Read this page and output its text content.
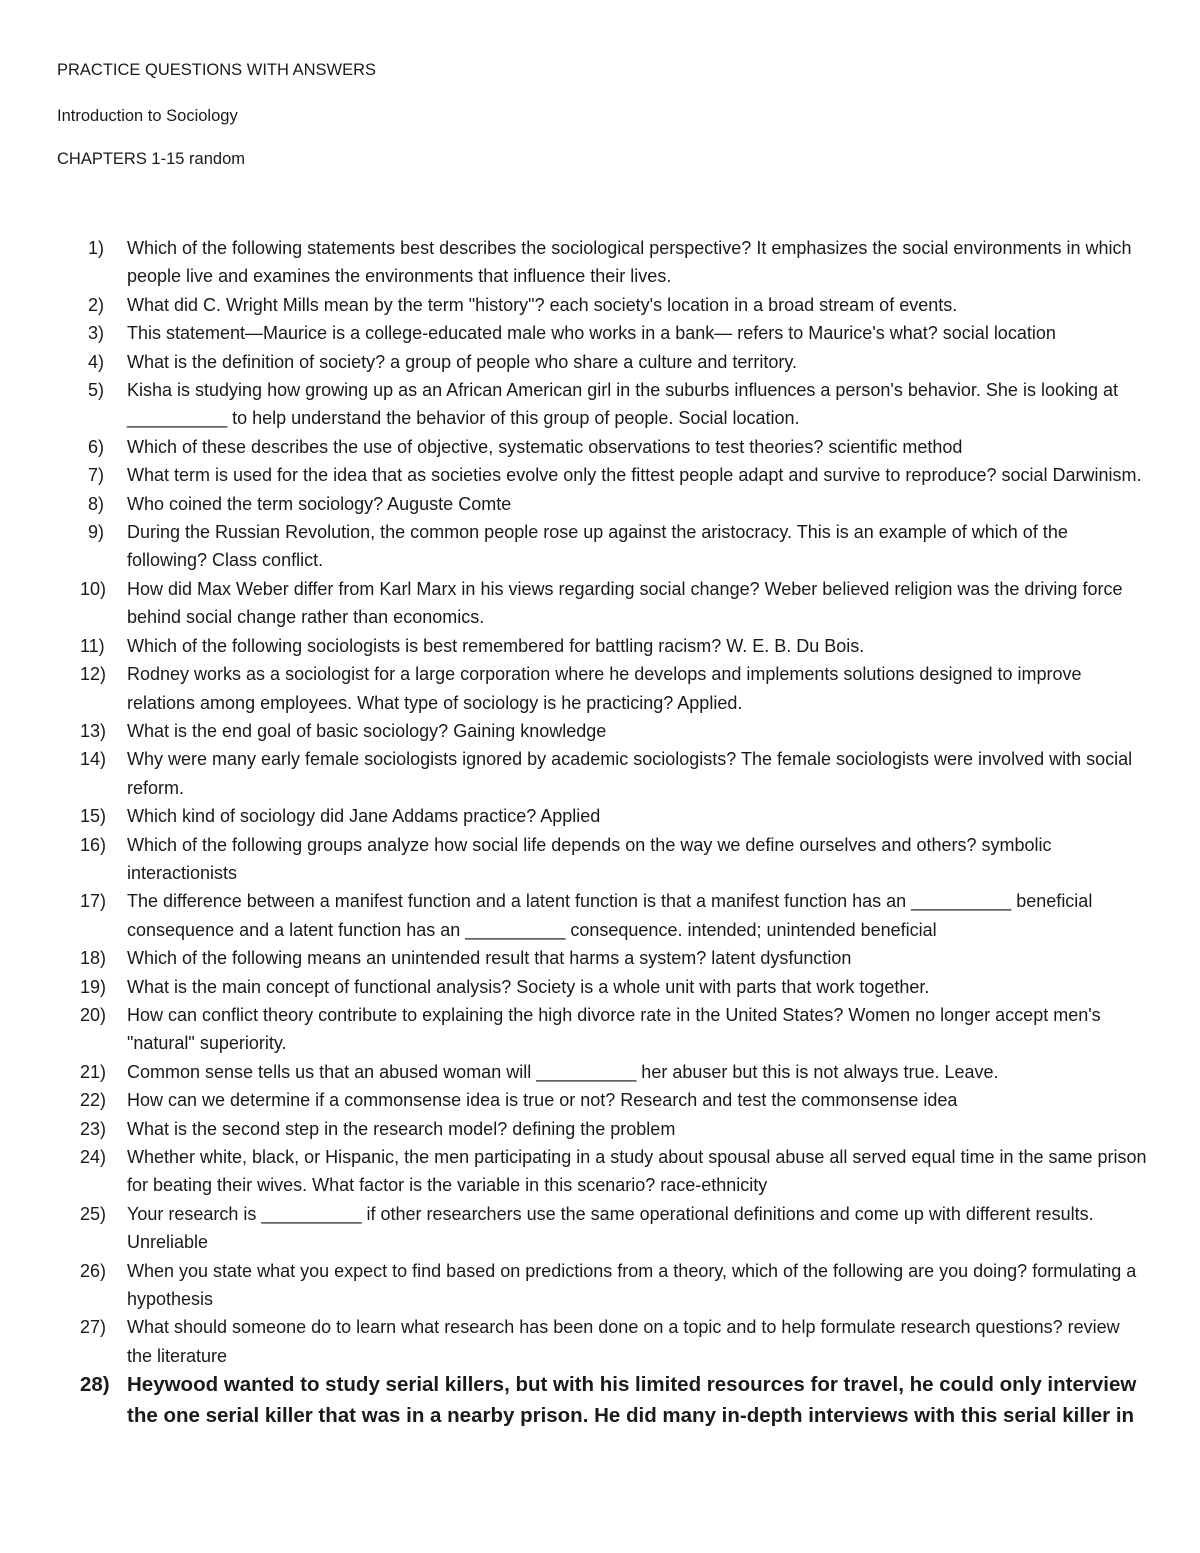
PRACTICE QUESTIONS WITH ANSWERS
Introduction to Sociology
CHAPTERS 1-15 random

1) Which of the following statements best describes the sociological perspective? It emphasizes the social environments in which people live and examines the environments that influence their lives.

2) What did C. Wright Mills mean by the term "history"? each society's location in a broad stream of events.

3) This statement—Maurice is a college-educated male who works in a bank— refers to Maurice's what? social location

4) What is the definition of society? a group of people who share a culture and territory.

5) Kisha is studying how growing up as an African American girl in the suburbs influences a person's behavior. She is looking at __________ to help understand the behavior of this group of people. Social location.

6) Which of these describes the use of objective, systematic observations to test theories? scientific method

7) What term is used for the idea that as societies evolve only the fittest people adapt and survive to reproduce? social Darwinism.

8) Who coined the term sociology? Auguste Comte

9) During the Russian Revolution, the common people rose up against the aristocracy. This is an example of which of the following? Class conflict.

10) How did Max Weber differ from Karl Marx in his views regarding social change? Weber believed religion was the driving force behind social change rather than economics.

11) Which of the following sociologists is best remembered for battling racism? W. E. B. Du Bois.

12) Rodney works as a sociologist for a large corporation where he develops and implements solutions designed to improve relations among employees. What type of sociology is he practicing? Applied.

13) What is the end goal of basic sociology? Gaining knowledge

14) Why were many early female sociologists ignored by academic sociologists? The female sociologists were involved with social reform.

15) Which kind of sociology did Jane Addams practice? Applied

16) Which of the following groups analyze how social life depends on the way we define ourselves and others? symbolic interactionists

17) The difference between a manifest function and a latent function is that a manifest function has an __________ beneficial consequence and a latent function has an __________ consequence. intended; unintended beneficial

18) Which of the following means an unintended result that harms a system? latent dysfunction

19) What is the main concept of functional analysis? Society is a whole unit with parts that work together.

20) How can conflict theory contribute to explaining the high divorce rate in the United States? Women no longer accept men's "natural" superiority.

21) Common sense tells us that an abused woman will __________ her abuser but this is not always true. Leave.

22) How can we determine if a commonsense idea is true or not? Research and test the commonsense idea

23) What is the second step in the research model? defining the problem

24) Whether white, black, or Hispanic, the men participating in a study about spousal abuse all served equal time in the same prison for beating their wives. What factor is the variable in this scenario? race-ethnicity

25) Your research is __________ if other researchers use the same operational definitions and come up with different results. Unreliable

26) When you state what you expect to find based on predictions from a theory, which of the following are you doing? formulating a hypothesis

27) What should someone do to learn what research has been done on a topic and to help formulate research questions? review the literature

28) Heywood wanted to study serial killers, but with his limited resources for travel, he could only interview the one serial killer that was in a nearby prison. He did many in-depth interviews with this serial killer in
